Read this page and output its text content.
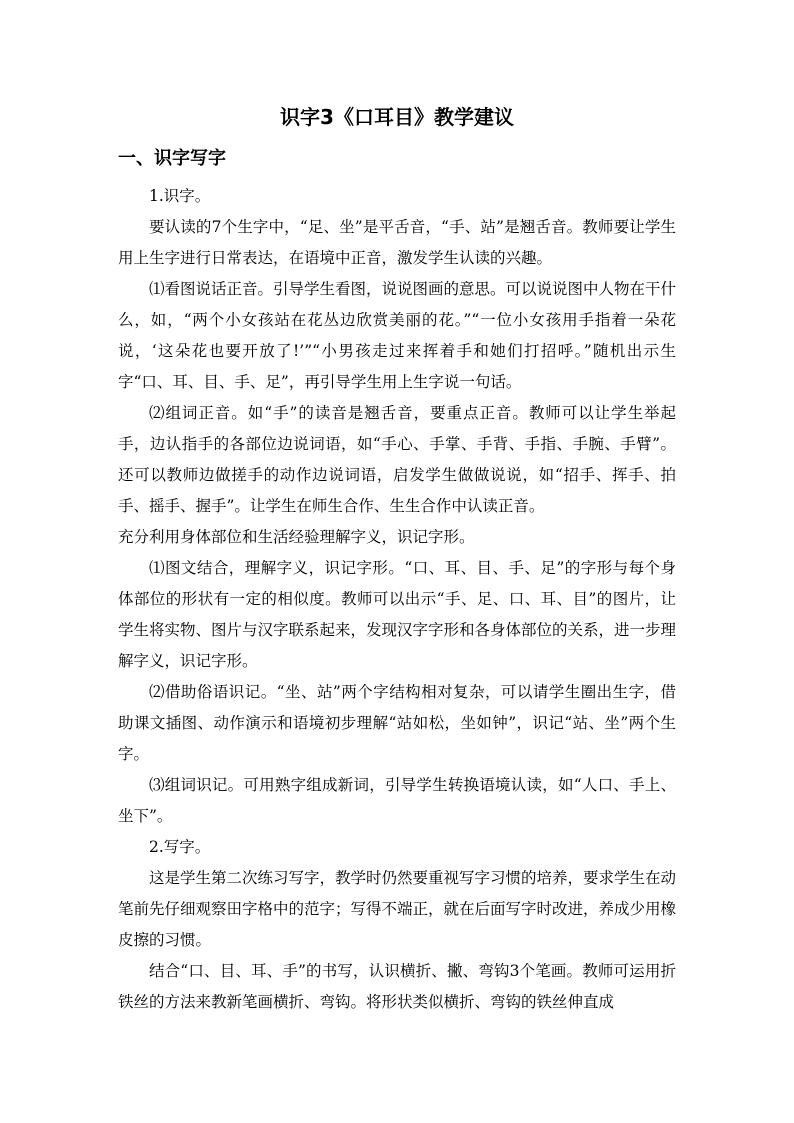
识字3《口耳目》教学建议
一、识字写字

1.识字。

要认读的7个生字中，“足、坐”是平舌音，“手、站”是翘舌音。教师要让学生用上生字进行日常表达，在语境中正音，激发学生认读的兴趣。

⑴看图说话正音。引导学生看图，说说图画的意思。可以说说图中人物在干什么，如，“两个小女孩站在花丛边欣赏美丽的花。”“一位小女孩用手指着一朵花说，‘这朵花也要开放了!’”“小男孩走过来挥着手和她们打招呼。”随机出示生字“口、耳、目、手、足”，再引导学生用上生字说一句话。

⑵组词正音。如“手”的读音是翘舌音，要重点正音。教师可以让学生举起手，边认指手的各部位边说词语，如“手心、手掌、手背、手指、手腕、手臂”。还可以教师边做搓手的动作边说词语，启发学生做做说说，如“招手、挥手、拍手、摇手、握手”。让学生在师生合作、生生合作中认读正音。

充分利用身体部位和生活经验理解字义，识记字形。

⑴图文结合，理解字义，识记字形。“口、耳、目、手、足”的字形与每个身体部位的形状有一定的相似度。教师可以出示“手、足、口、耳、目”的图片，让学生将实物、图片与汉字联系起来，发现汉字字形和各身体部位的关系，进一步理解字义，识记字形。

⑵借助俗语识记。“坐、站”两个字结构相对复杂，可以请学生圈出生字，借助课文插图、动作演示和语境初步理解“站如松，坐如钟”，识记“站、坐”两个生字。

⑶组词识记。可用熟字组成新词，引导学生转换语境认读，如“人口、手上、坐下”。

2.写字。

这是学生第二次练习写字，教学时仍然要重视写字习惯的培养，要求学生在动笔前先仔细观察田字格中的范字；写得不端正，就在后面写字时改进，养成少用橡皮擦的习惯。

结合“口、目、耳、手”的书写，认识横折、撇、弯钩3个笔画。教师可运用折铁丝的方法来教新笔画横折、弯钩。将形状类似横折、弯钩的铁丝伸直成
